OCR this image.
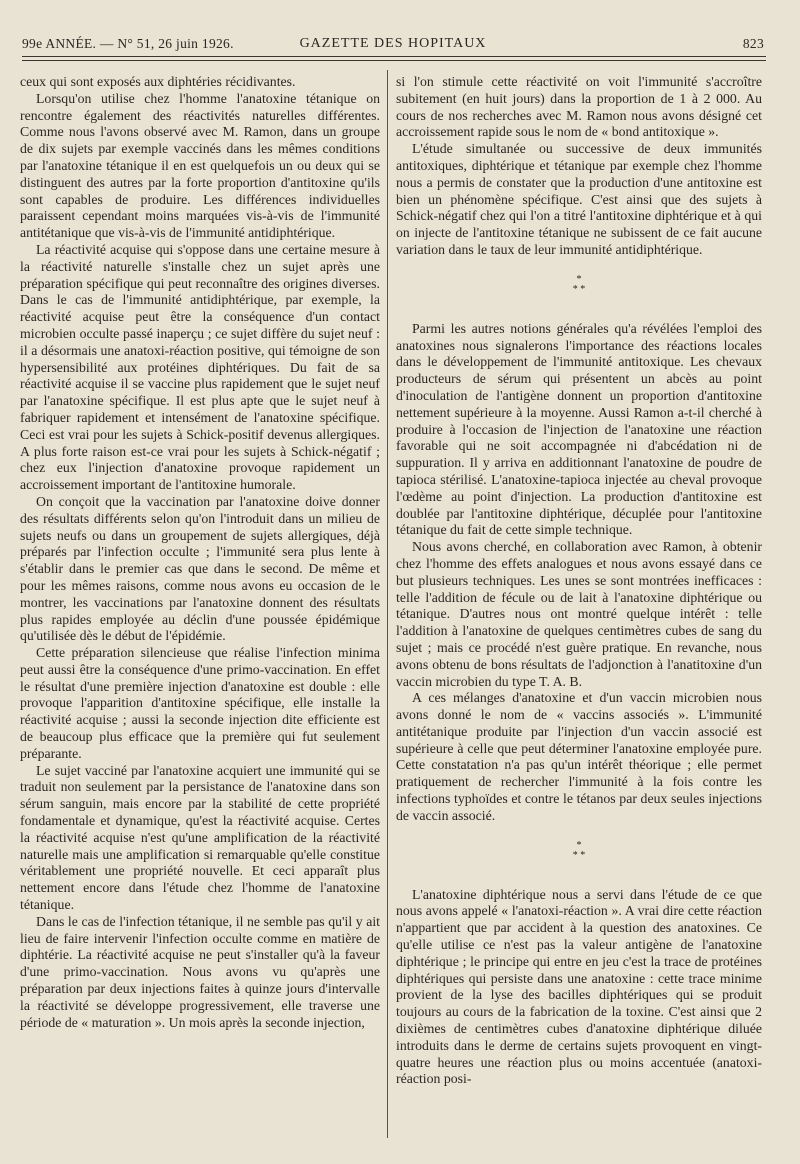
99e ANNÉE. — N° 51, 26 juin 1926.	GAZETTE DES HOPITAUX	823

ceux qui sont exposés aux diphtéries récidivantes.

Lorsqu'on utilise chez l'homme l'anatoxine tétanique on rencontre également des réactivités naturelles différentes. Comme nous l'avons observé avec M. Ramon, dans un groupe de dix sujets par exemple vaccinés dans les mêmes conditions par l'anatoxine tétanique il en est quelquefois un ou deux qui se distinguent des autres par la forte proportion d'antitoxine qu'ils sont capables de produire. Les différences individuelles paraissent cependant moins marquées vis-à-vis de l'immunité antitétanique que vis-à-vis de l'immunité antidiphtérique.

La réactivité acquise qui s'oppose dans une certaine mesure à la réactivité naturelle s'installe chez un sujet après une préparation spécifique qui peut reconnaître des origines diverses. Dans le cas de l'immunité antidiphtérique, par exemple, la réactivité acquise peut être la conséquence d'un contact microbien occulte passé inaperçu ; ce sujet diffère du sujet neuf : il a désormais une anatoxi-réaction positive, qui témoigne de son hypersensibilité aux protéines diphtériques. Du fait de sa réactivité acquise il se vaccine plus rapidement que le sujet neuf par l'anatoxine spécifique. Il est plus apte que le sujet neuf à fabriquer rapidement et intensément de l'anatoxine spécifique. Ceci est vrai pour les sujets à Schick-positif devenus allergiques. A plus forte raison est-ce vrai pour les sujets à Schick-négatif ; chez eux l'injection d'anatoxine provoque rapidement un accroissement important de l'antitoxine humorale.

On conçoit que la vaccination par l'anatoxine doive donner des résultats différents selon qu'on l'introduit dans un milieu de sujets neufs ou dans un groupement de sujets allergiques, déjà préparés par l'infection occulte ; l'immunité sera plus lente à s'établir dans le premier cas que dans le second. De même et pour les mêmes raisons, comme nous avons eu occasion de le montrer, les vaccinations par l'anatoxine donnent des résultats plus rapides employée au déclin d'une poussée épidémique qu'utilisée dès le début de l'épidémie.

Cette préparation silencieuse que réalise l'infection minima peut aussi être la conséquence d'une primo-vaccination. En effet le résultat d'une première injection d'anatoxine est double : elle provoque l'apparition d'antitoxine spécifique, elle installe la réactivité acquise ; aussi la seconde injection dite efficiente est de beaucoup plus efficace que la première qui fut seulement préparante.

Le sujet vacciné par l'anatoxine acquiert une immunité qui se traduit non seulement par la persistance de l'anatoxine dans son sérum sanguin, mais encore par la stabilité de cette propriété fondamentale et dynamique, qu'est la réactivité acquise. Certes la réactivité acquise n'est qu'une amplification de la réactivité naturelle mais une amplification si remarquable qu'elle constitue véritablement une propriété nouvelle. Et ceci apparaît plus nettement encore dans l'étude chez l'homme de l'anatoxine tétanique.

Dans le cas de l'infection tétanique, il ne semble pas qu'il y ait lieu de faire intervenir l'infection occulte comme en matière de diphtérie. La réactivité acquise ne peut s'installer qu'à la faveur d'une primo-vaccination. Nous avons vu qu'après une préparation par deux injections faites à quinze jours d'intervalle la réactivité se développe progressivement, elle traverse une période de « maturation ». Un mois après la seconde injection,

si l'on stimule cette réactivité on voit l'immunité s'accroître subitement (en huit jours) dans la proportion de 1 à 2 000. Au cours de nos recherches avec M. Ramon nous avons désigné cet accroissement rapide sous le nom de « bond antitoxique ».

L'étude simultanée ou successive de deux immunités antitoxiques, diphtérique et tétanique par exemple chez l'homme nous a permis de constater que la production d'une antitoxine est bien un phénomène spécifique. C'est ainsi que des sujets à Schick-négatif chez qui l'on a titré l'antitoxine diphtérique et à qui on injecte de l'antitoxine tétanique ne subissent de ce fait aucune variation dans le taux de leur immunité antidiphtérique.

*
* *

Parmi les autres notions générales qu'a révélées l'emploi des anatoxines nous signalerons l'importance des réactions locales dans le développement de l'immunité antitoxique. Les chevaux producteurs de sérum qui présentent un abcès au point d'inoculation de l'antigène donnent un proportion d'antitoxine nettement supérieure à la moyenne. Aussi Ramon a-t-il cherché à produire à l'occasion de l'injection de l'anatoxine une réaction favorable qui ne soit accompagnée ni d'abcédation ni de suppuration. Il y arriva en additionnant l'anatoxine de poudre de tapioca stérilisé. L'anatoxine-tapioca injectée au cheval provoque l'œdème au point d'injection. La production d'antitoxine est doublée par l'antitoxine diphtérique, décuplée pour l'antitoxine tétanique du fait de cette simple technique.

Nous avons cherché, en collaboration avec Ramon, à obtenir chez l'homme des effets analogues et nous avons essayé dans ce but plusieurs techniques. Les unes se sont montrées inefficaces : telle l'addition de fécule ou de lait à l'anatoxine diphtérique ou tétanique. D'autres nous ont montré quelque intérêt : telle l'addition à l'anatoxine de quelques centimètres cubes de sang du sujet ; mais ce procédé n'est guère pratique. En revanche, nous avons obtenu de bons résultats de l'adjonction à l'anatitoxine d'un vaccin microbien du type T. A. B.

A ces mélanges d'anatoxine et d'un vaccin microbien nous avons donné le nom de « vaccins associés ». L'immunité antitétanique produite par l'injection d'un vaccin associé est supérieure à celle que peut déterminer l'anatoxine employée pure. Cette constatation n'a pas qu'un intérêt théorique ; elle permet pratiquement de rechercher l'immunité à la fois contre les infections typhoïdes et contre le tétanos par deux seules injections de vaccin associé.

*
* *

L'anatoxine diphtérique nous a servi dans l'étude de ce que nous avons appelé « l'anatoxi-réaction ». A vrai dire cette réaction n'appartient que par accident à la question des anatoxines. Ce qu'elle utilise ce n'est pas la valeur antigène de l'anatoxine diphtérique ; le principe qui entre en jeu c'est la trace de protéines diphtériques qui persiste dans une anatoxine : cette trace minime provient de la lyse des bacilles diphtériques qui se produit toujours au cours de la fabrication de la toxine. C'est ainsi que 2 dixièmes de centimètres cubes d'anatoxine diphtérique diluée introduits dans le derme de certains sujets provoquent en vingt-quatre heures une réaction plus ou moins accentuée (anatoxi-réaction posi-
